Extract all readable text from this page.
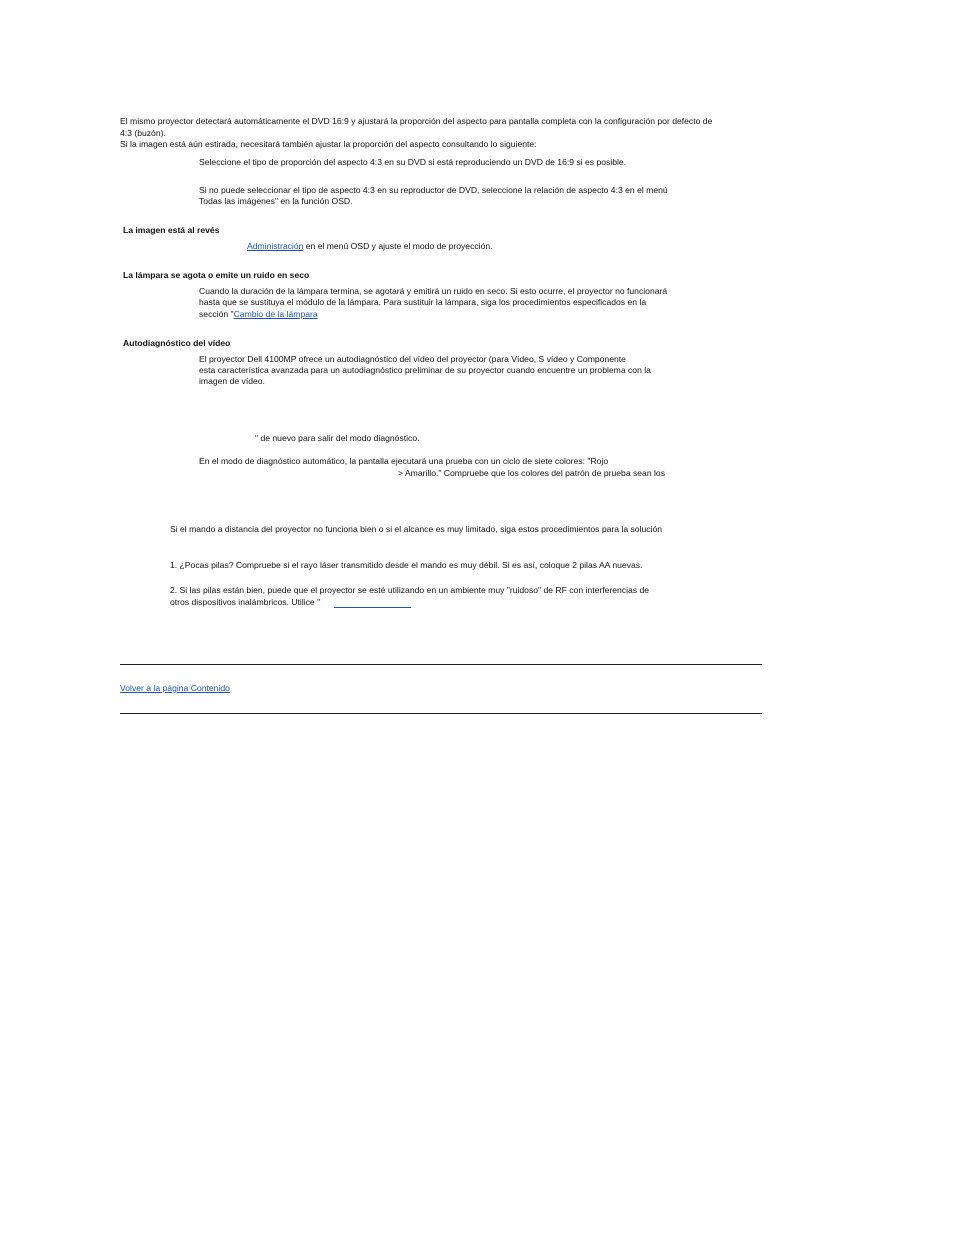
El mismo proyector detectará automáticamente el DVD 16:9 y ajustará la proporción del aspecto para pantalla completa con la configuración por defecto de
4:3 (buzón).
Si la imagen está aún estirada, necesitará también ajustar la proporción del aspecto consultando lo siguiente:
Seleccione el tipo de proporción del aspecto 4:3 en su DVD si está reproduciendo un DVD de 16:9 si es posible.
Si no puede seleccionar el tipo de aspecto 4:3 en su reproductor de DVD, seleccione la relación de aspecto 4:3 en el menú
Todas las imágenes" en la función OSD.
La imagen está al revés
Administración en el menú OSD y ajuste el modo de proyección.
La lámpara se agota o emite un ruido en seco
Cuando la duración de la lámpara termina, se agotará y emitirá un ruido en seco. Si esto ocurre, el proyector no funcionará
hasta que se sustituya el módulo de la lámpara. Para sustituir la lámpara, siga los procedimientos especificados en la
sección "Cambio de la lámpara
Autodiagnóstico del vídeo
El proyector Dell 4100MP ofrece un autodiagnóstico del vídeo del proyector (para Vídeo, S vídeo y Componente
esta característica avanzada para un autodiagnóstico preliminar de su proyector cuando encuentre un problema con la
imagen de vídeo.
" de nuevo para salir del modo diagnóstico.
En el modo de diagnóstico automático, la pantalla ejecutará una prueba con un ciclo de siete colores: "Rojo
> Amarillo." Compruebe que los colores del patrón de prueba sean los
Si el mando a distancia del proyector no funciona bien o si el alcance es muy limitado, siga estos procedimientos para la solución
1. ¿Pocas pilas? Compruebe si el rayo láser transmitido desde el mando es muy débil. Si es así, coloque 2 pilas AA nuevas.
2. Si las pilas están bien, puede que el proyector se esté utilizando en un ambiente muy "ruidoso" de RF con interferencias de
otros dispositivos inalámbricos. Utilice "
Volver a la página Contenido
